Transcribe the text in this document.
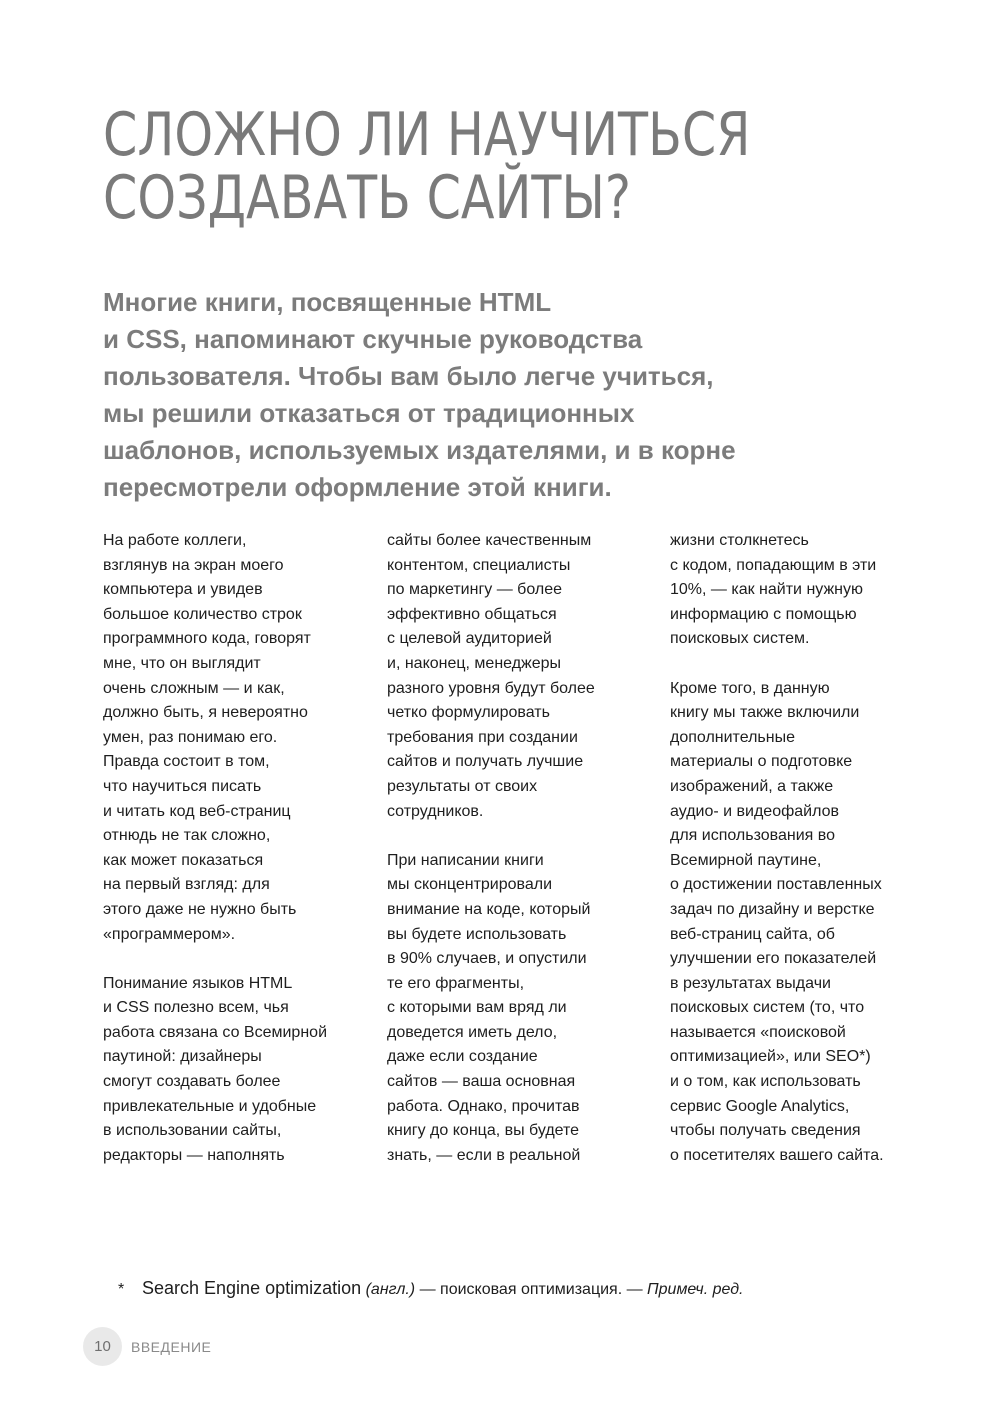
СЛОЖНО ЛИ НАУЧИТЬСЯ
СОЗДАВАТЬ САЙТЫ?
Многие книги, посвященные HTML
и CSS, напоминают скучные руководства
пользователя. Чтобы вам было легче учиться,
мы решили отказаться от традиционных
шаблонов, используемых издателями, и в корне
пересмотрели оформление этой книги.

На работе коллеги,
взглянув на экран моего
компьютера и увидев
большое количество строк
программного кода, говорят
мне, что он выглядит
очень сложным — и как,
должно быть, я невероятно
умен, раз понимаю его.
Правда состоит в том,
что научиться писать
и читать код веб-страниц
отнюдь не так сложно,
как может показаться
на первый взгляд: для
этого даже не нужно быть
«программером».

Понимание языков HTML
и CSS полезно всем, чья
работа связана со Всемирной
паутиной: дизайнеры
смогут создавать более
привлекательные и удобные
в использовании сайты,
редакторы — наполнять

сайты более качественным
контентом, специалисты
по маркетингу — более
эффективно общаться
с целевой аудиторией
и, наконец, менеджеры
разного уровня будут более
четко формулировать
требования при создании
сайтов и получать лучшие
результаты от своих
сотрудников.

При написании книги
мы сконцентрировали
внимание на коде, который
вы будете использовать
в 90% случаев, и опустили
те его фрагменты,
с которыми вам вряд ли
доведется иметь дело,
даже если создание
сайтов — ваша основная
работа. Однако, прочитав
книгу до конца, вы будете
знать, — если в реальной

жизни столкнетесь
с кодом, попадающим в эти
10%, — как найти нужную
информацию с помощью
поисковых систем.

Кроме того, в данную
книгу мы также включили
дополнительные
материалы о подготовке
изображений, а также
аудио- и видеофайлов
для использования во
Всемирной паутине,
о достижении поставленных
задач по дизайну и верстке
веб-страниц сайта, об
улучшении его показателей
в результатах выдачи
поисковых систем (то, что
называется «поисковой
оптимизацией», или SEO*)
и о том, как использовать
сервис Google Analytics,
чтобы получать сведения
о посетителях вашего сайта.

* Search Engine optimization (англ.) — поисковая оптимизация. — Примеч. ред.
10	ВВЕДЕНИЕ
